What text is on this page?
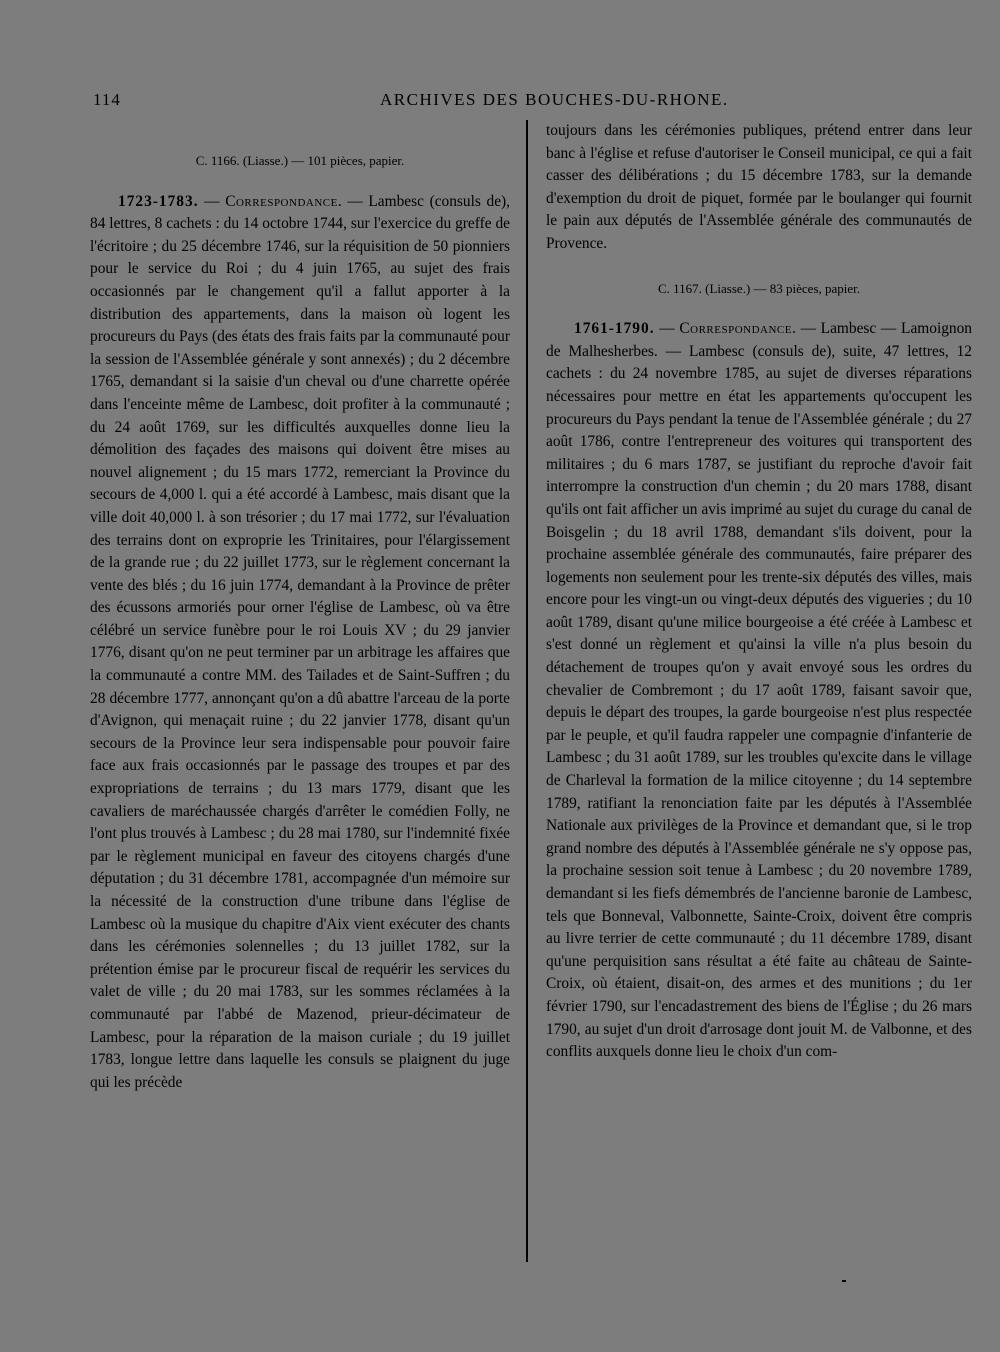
114	ARCHIVES DES BOUCHES-DU-RHONE.
C. 1166. (Liasse.) — 101 pièces, papier.

1723-1783. — Correspondance. — Lambesc (consuls de), 84 lettres, 8 cachets : du 14 octobre 1744, sur l'exercice du greffe de l'écritoire ; du 25 décembre 1746, sur la réquisition de 50 pionniers pour le service du Roi ; du 4 juin 1765, au sujet des frais occasionnés par le changement qu'il a fallut apporter à la distribution des appartements, dans la maison où logent les procureurs du Pays (des états des frais faits par la communauté pour la session de l'Assemblée générale y sont annexés) ; du 2 décembre 1765, demandant si la saisie d'un cheval ou d'une charrette opérée dans l'enceinte même de Lambesc, doit profiter à la communauté ; du 24 août 1769, sur les difficultés auxquelles donne lieu la démolition des façades des maisons qui doivent être mises au nouvel alignement ; du 15 mars 1772, remerciant la Province du secours de 4,000 l. qui a été accordé à Lambesc, mais disant que la ville doit 40,000 l. à son trésorier ; du 17 mai 1772, sur l'évaluation des terrains dont on exproprie les Trinitaires, pour l'élargissement de la grande rue ; du 22 juillet 1773, sur le règlement concernant la vente des blés ; du 16 juin 1774, demandant à la Province de prêter des écussons armoriés pour orner l'église de Lambesc, où va être célébré un service funèbre pour le roi Louis XV ; du 29 janvier 1776, disant qu'on ne peut terminer par un arbitrage les affaires que la communauté a contre MM. des Tailades et de Saint-Suffren ; du 28 décembre 1777, annonçant qu'on a dû abattre l'arceau de la porte d'Avignon, qui menaçait ruine ; du 22 janvier 1778, disant qu'un secours de la Province leur sera indispensable pour pouvoir faire face aux frais occasionnés par le passage des troupes et par des expropriations de terrains ; du 13 mars 1779, disant que les cavaliers de maréchaussée chargés d'arrêter le comédien Folly, ne l'ont plus trouvés à Lambesc ; du 28 mai 1780, sur l'indemnité fixée par le règlement municipal en faveur des citoyens chargés d'une députation ; du 31 décembre 1781, accompagnée d'un mémoire sur la nécessité de la construction d'une tribune dans l'église de Lambesc où la musique du chapitre d'Aix vient exécuter des chants dans les cérémonies solennelles ; du 13 juillet 1782, sur la prétention émise par le procureur fiscal de requérir les services du valet de ville ; du 20 mai 1783, sur les sommes réclamées à la communauté par l'abbé de Mazenod, prieur-décimateur de Lambesc, pour la réparation de la maison curiale ; du 19 juillet 1783, longue lettre dans laquelle les consuls se plaignent du juge qui les précède

toujours dans les cérémonies publiques, prétend entrer dans leur banc à l'église et refuse d'autoriser le Conseil municipal, ce qui a fait casser des délibérations ; du 15 décembre 1783, sur la demande d'exemption du droit de piquet, formée par le boulanger qui fournit le pain aux députés de l'Assemblée générale des communautés de Provence.

C. 1167. (Liasse.) — 83 pièces, papier.

1761-1790. — Correspondance. — Lambesc — Lamoignon de Malhesherbes. — Lambesc (consuls de), suite, 47 lettres, 12 cachets : du 24 novembre 1785, au sujet de diverses réparations nécessaires pour mettre en état les appartements qu'occupent les procureurs du Pays pendant la tenue de l'Assemblée générale ; du 27 août 1786, contre l'entrepreneur des voitures qui transportent des militaires ; du 6 mars 1787, se justifiant du reproche d'avoir fait interrompre la construction d'un chemin ; du 20 mars 1788, disant qu'ils ont fait afficher un avis imprimé au sujet du curage du canal de Boisgelin ; du 18 avril 1788, demandant s'ils doivent, pour la prochaine assemblée générale des communautés, faire préparer des logements non seulement pour les trente-six députés des villes, mais encore pour les vingt-un ou vingt-deux députés des vigueries ; du 10 août 1789, disant qu'une milice bourgeoise a été créée à Lambesc et s'est donné un règlement et qu'ainsi la ville n'a plus besoin du détachement de troupes qu'on y avait envoyé sous les ordres du chevalier de Combremont ; du 17 août 1789, faisant savoir que, depuis le départ des troupes, la garde bourgeoise n'est plus respectée par le peuple, et qu'il faudra rappeler une compagnie d'infanterie de Lambesc ; du 31 août 1789, sur les troubles qu'excite dans le village de Charleval la formation de la milice citoyenne ; du 14 septembre 1789, ratifiant la renonciation faite par les députés à l'Assemblée Nationale aux privilèges de la Province et demandant que, si le trop grand nombre des députés à l'Assemblée générale ne s'y oppose pas, la prochaine session soit tenue à Lambesc ; du 20 novembre 1789, demandant si les fiefs démembrés de l'ancienne baronie de Lambesc, tels que Bonneval, Valbonnette, Sainte-Croix, doivent être compris au livre terrier de cette communauté ; du 11 décembre 1789, disant qu'une perquisition sans résultat a été faite au château de Sainte-Croix, où étaient, disait-on, des armes et des munitions ; du 1er février 1790, sur l'encadastrement des biens de l'Église ; du 26 mars 1790, au sujet d'un droit d'arrosage dont jouit M. de Valbonne, et des conflits auxquels donne lieu le choix d'un com-
